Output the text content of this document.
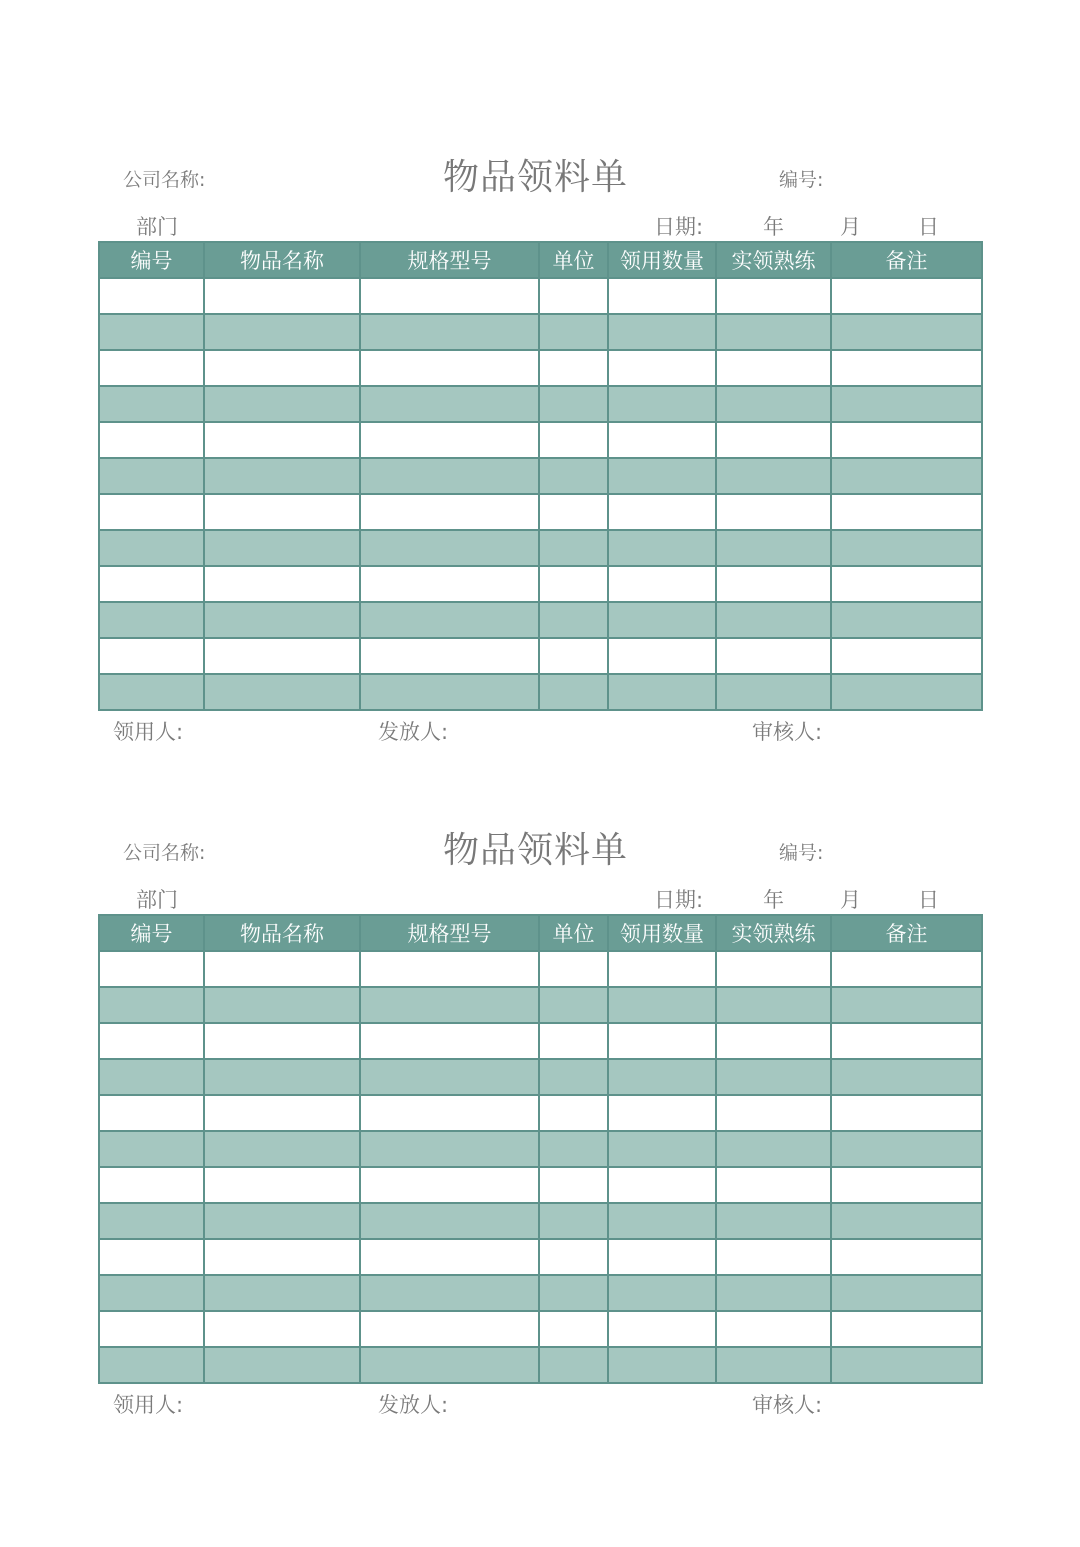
公司名称:	物品领料单	编号:
部门	日期:	年	月	日
编号	物品名称	规格型号	单位	领用数量	实领熟练	备注

领用人:	发放人:	审核人:
公司名称:	物品领料单	编号:
部门	日期:	年	月	日
编号	物品名称	规格型号	单位	领用数量	实领熟练	备注

领用人:	发放人:	审核人:
